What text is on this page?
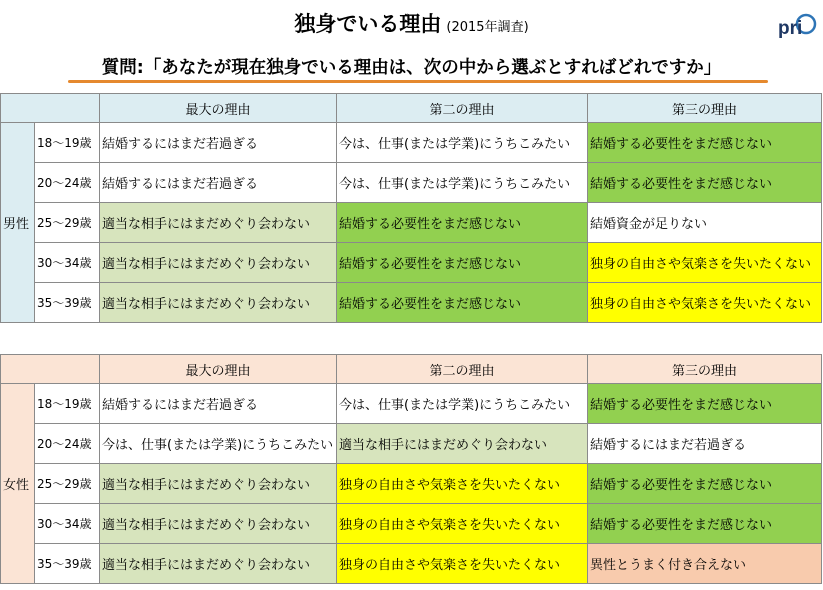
独身でいる理由 (2015年調査)	pri
質問:「あなたが現在独身でいる理由は、次の中から選ぶとすればどれですか」
		最大の理由	第二の理由	第三の理由
男性	18〜19歳	結婚するにはまだ若過ぎる	今は、仕事(または学業)にうちこみたい	結婚する必要性をまだ感じない
	20〜24歳	結婚するにはまだ若過ぎる	今は、仕事(または学業)にうちこみたい	結婚する必要性をまだ感じない
	25〜29歳	適当な相手にはまだめぐり会わない	結婚する必要性をまだ感じない	結婚資金が足りない
	30〜34歳	適当な相手にはまだめぐり会わない	結婚する必要性をまだ感じない	独身の自由さや気楽さを失いたくない
	35〜39歳	適当な相手にはまだめぐり会わない	結婚する必要性をまだ感じない	独身の自由さや気楽さを失いたくない
		最大の理由	第二の理由	第三の理由
女性	18〜19歳	結婚するにはまだ若過ぎる	今は、仕事(または学業)にうちこみたい	結婚する必要性をまだ感じない
	20〜24歳	今は、仕事(または学業)にうちこみたい	適当な相手にはまだめぐり会わない	結婚するにはまだ若過ぎる
	25〜29歳	適当な相手にはまだめぐり会わない	独身の自由さや気楽さを失いたくない	結婚する必要性をまだ感じない
	30〜34歳	適当な相手にはまだめぐり会わない	独身の自由さや気楽さを失いたくない	結婚する必要性をまだ感じない
	35〜39歳	適当な相手にはまだめぐり会わない	独身の自由さや気楽さを失いたくない	異性とうまく付き合えない
